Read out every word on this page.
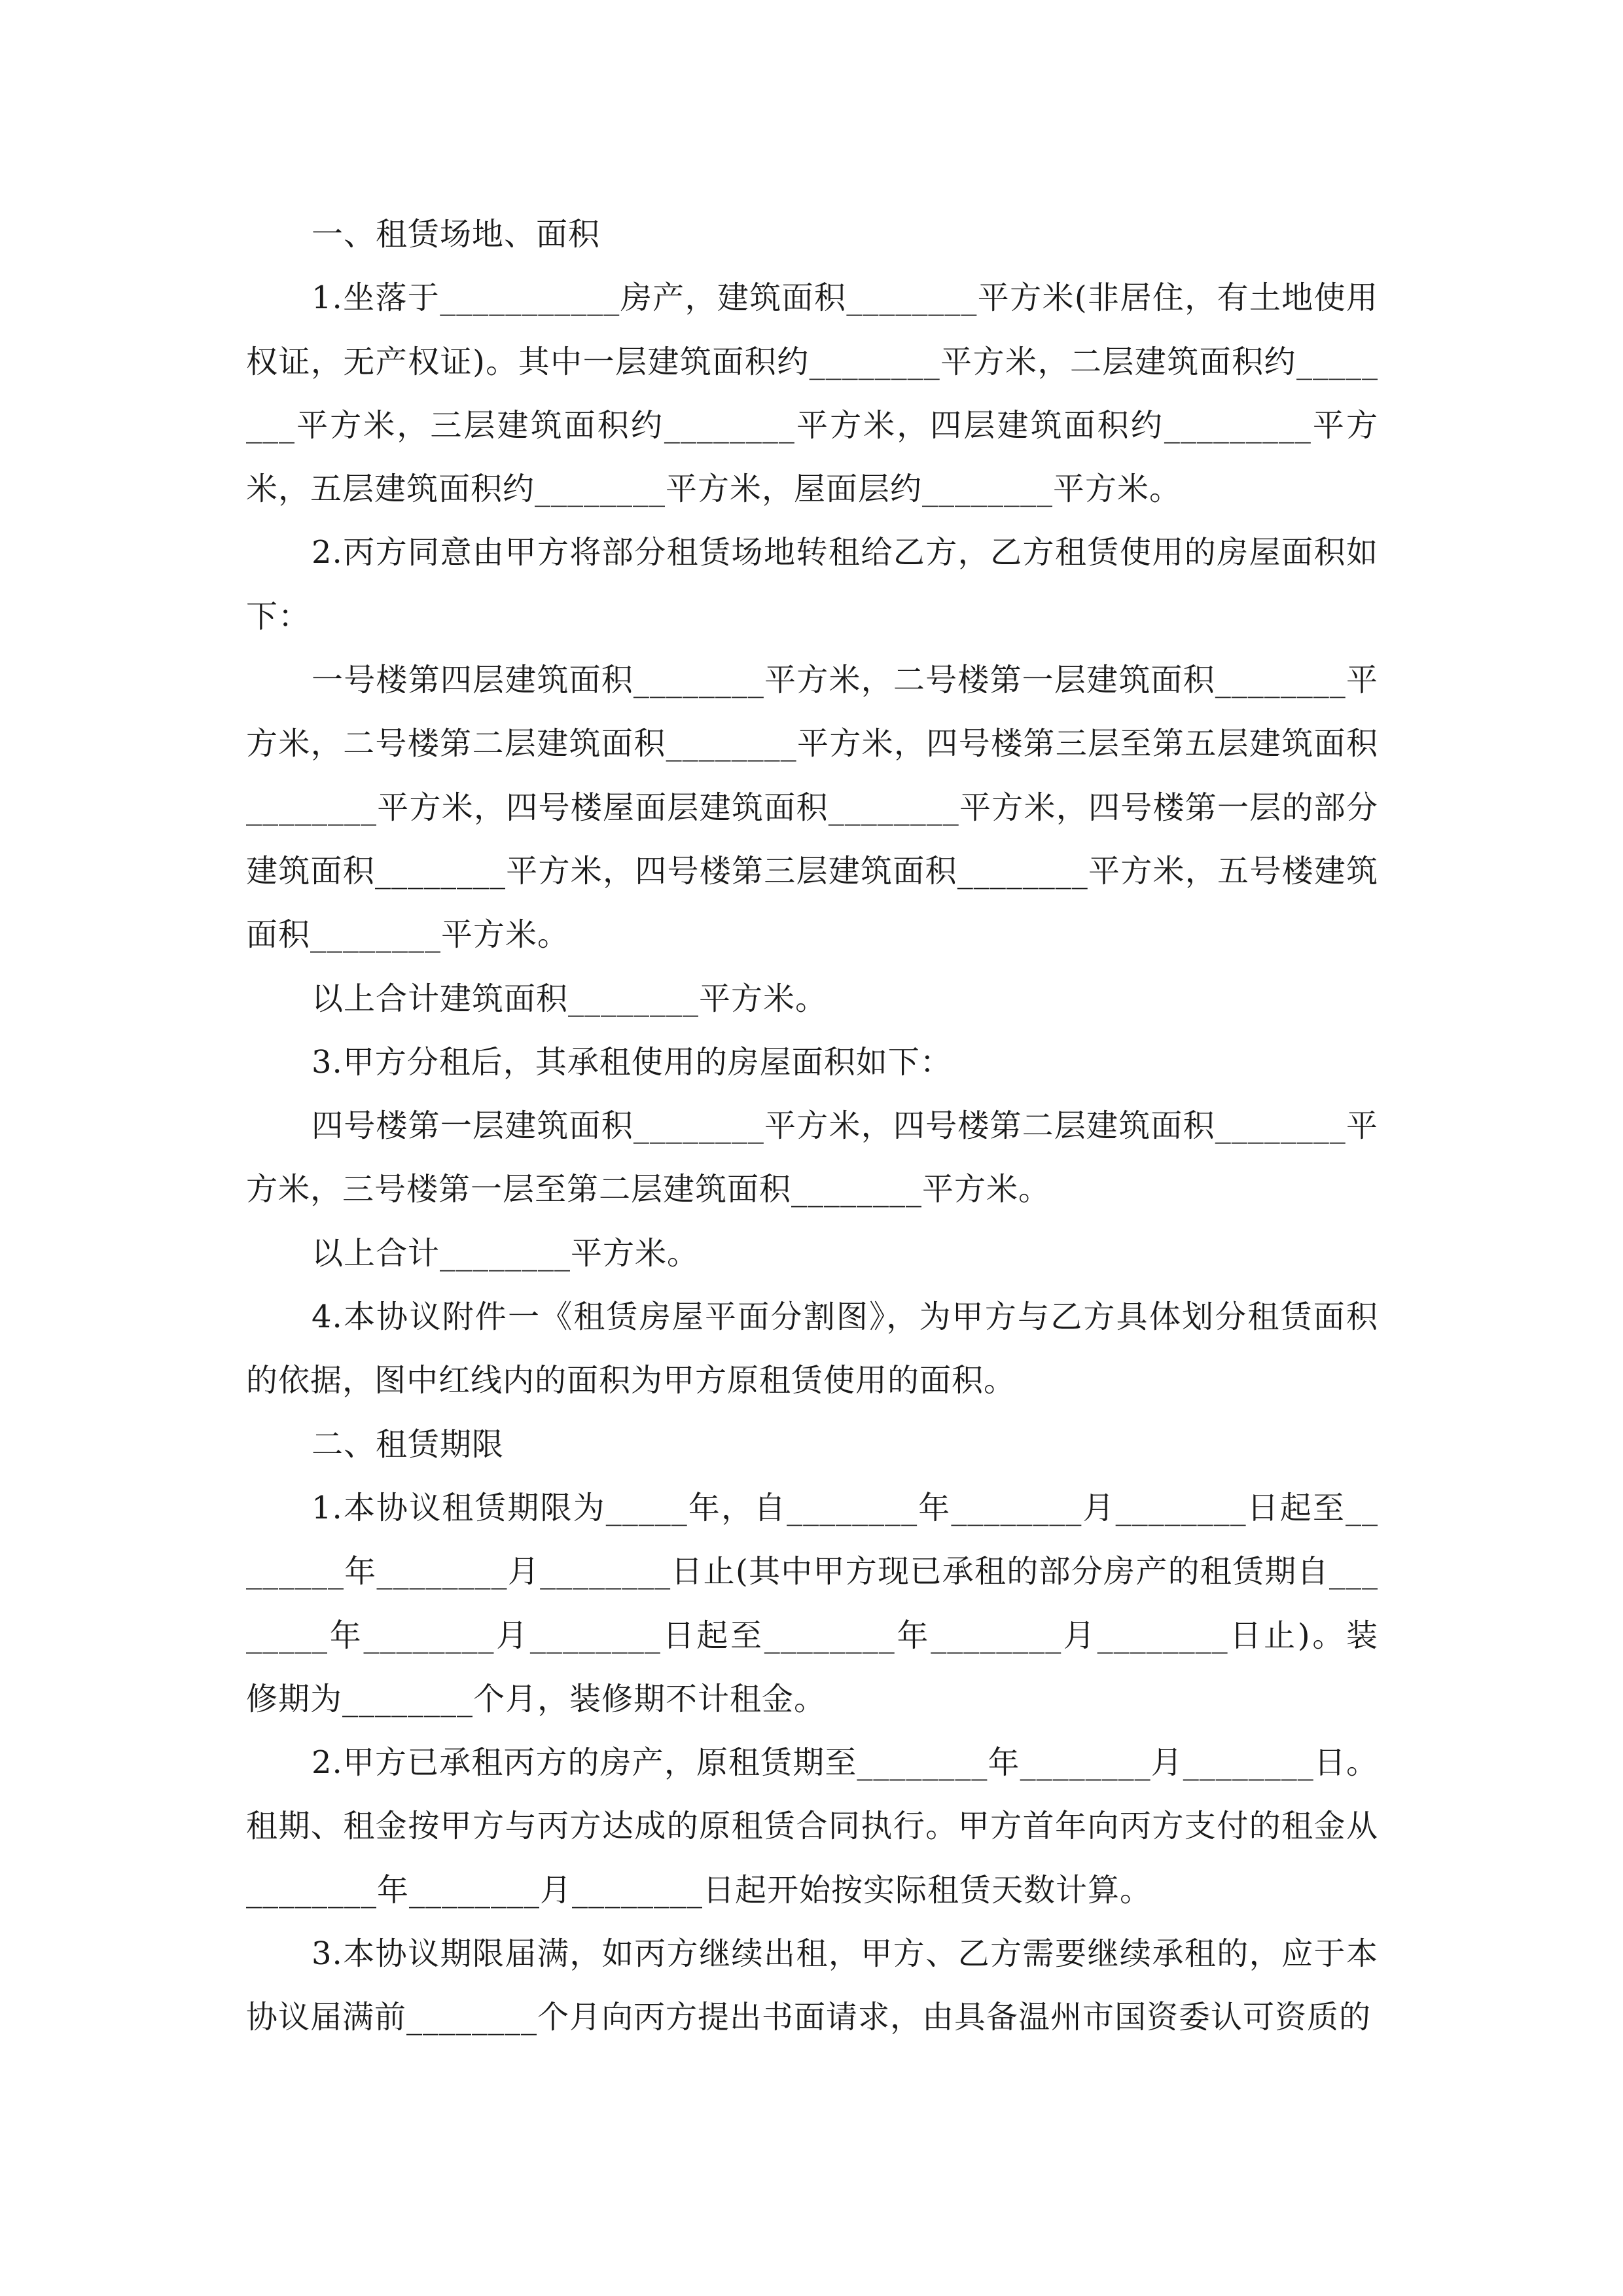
一、租赁场地、面积

1.坐落于___________房产，建筑面积________平方米(非居住，有土地使用权证，无产权证)。其中一层建筑面积约________平方米，二层建筑面积约________平方米，三层建筑面积约________平方米，四层建筑面积约_________平方米，五层建筑面积约________平方米，屋面层约________平方米。

2.丙方同意由甲方将部分租赁场地转租给乙方，乙方租赁使用的房屋面积如下：

一号楼第四层建筑面积________平方米，二号楼第一层建筑面积________平方米，二号楼第二层建筑面积________平方米，四号楼第三层至第五层建筑面积________平方米，四号楼屋面层建筑面积________平方米，四号楼第一层的部分建筑面积________平方米，四号楼第三层建筑面积________平方米，五号楼建筑面积________平方米。

以上合计建筑面积________平方米。

3.甲方分租后，其承租使用的房屋面积如下：

四号楼第一层建筑面积________平方米，四号楼第二层建筑面积________平方米，三号楼第一层至第二层建筑面积________平方米。

以上合计________平方米。

4.本协议附件一《租赁房屋平面分割图》，为甲方与乙方具体划分租赁面积的依据，图中红线内的面积为甲方原租赁使用的面积。

二、租赁期限

1.本协议租赁期限为_____年，自________年________月________日起至________年________月________日止(其中甲方现已承租的部分房产的租赁期自________年________月________日起至________年________月________日止)。装修期为________个月，装修期不计租金。

2.甲方已承租丙方的房产，原租赁期至________年________月________日。租期、租金按甲方与丙方达成的原租赁合同执行。甲方首年向丙方支付的租金从________年________月________日起开始按实际租赁天数计算。

3.本协议期限届满，如丙方继续出租，甲方、乙方需要继续承租的，应于本协议届满前________个月向丙方提出书面请求，由具备温州市国资委认可资质的
